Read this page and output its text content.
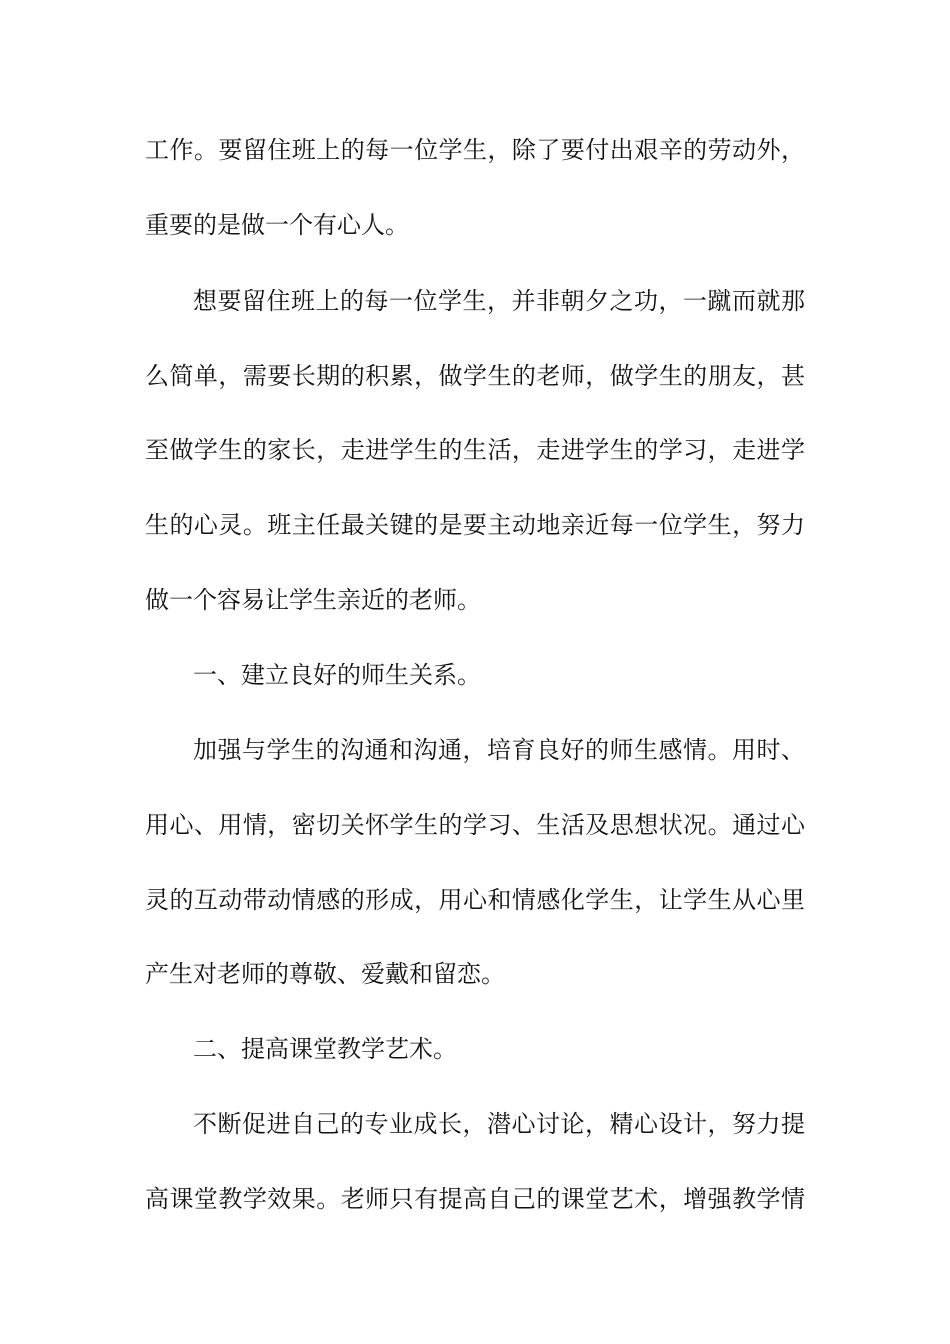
工作。要留住班上的每一位学生，除了要付出艰辛的劳动外，
重要的是做一个有心人。
想要留住班上的每一位学生，并非朝夕之功，一蹴而就那
么简单，需要长期的积累，做学生的老师，做学生的朋友，甚
至做学生的家长，走进学生的生活，走进学生的学习，走进学
生的心灵。班主任最关键的是要主动地亲近每一位学生，努力
做一个容易让学生亲近的老师。
一、建立良好的师生关系。
加强与学生的沟通和沟通，培育良好的师生感情。用时、
用心、用情，密切关怀学生的学习、生活及思想状况。通过心
灵的互动带动情感的形成，用心和情感化学生，让学生从心里
产生对老师的尊敬、爱戴和留恋。
二、提高课堂教学艺术。
不断促进自己的专业成长，潜心讨论，精心设计，努力提
高课堂教学效果。老师只有提高自己的课堂艺术，增强教学情
